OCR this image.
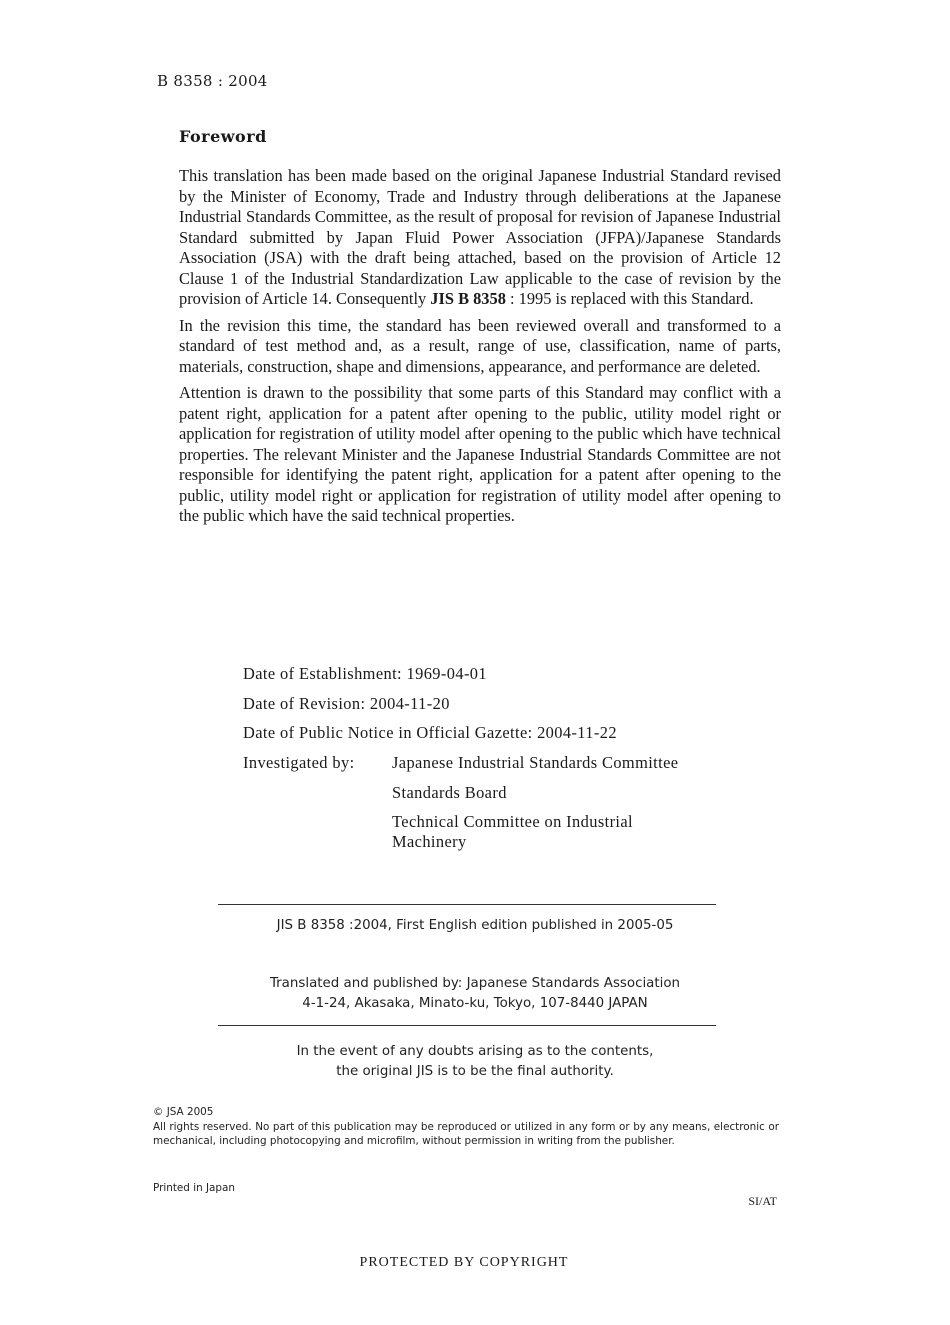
B 8358 : 2004
Foreword

This translation has been made based on the original Japanese Industrial Standard revised by the Minister of Economy, Trade and Industry through deliberations at the Japanese Industrial Standards Committee, as the result of proposal for revision of Japanese Industrial Standard submitted by Japan Fluid Power Association (JFPA)/Japanese Standards Association (JSA) with the draft being attached, based on the provision of Article 12 Clause 1 of the Industrial Standardization Law applicable to the case of revision by the provision of Article 14. Consequently JIS B 8358 : 1995 is replaced with this Standard.

In the revision this time, the standard has been reviewed overall and transformed to a standard of test method and, as a result, range of use, classification, name of parts, materials, construction, shape and dimensions, appearance, and performance are deleted.

Attention is drawn to the possibility that some parts of this Standard may conflict with a patent right, application for a patent after opening to the public, utility model right or application for registration of utility model after opening to the public which have technical properties. The relevant Minister and the Japanese Industrial Standards Committee are not responsible for identifying the patent right, application for a patent after opening to the public, utility model right or application for registration of utility model after opening to the public which have the said technical properties.

Date of Establishment: 1969-04-01
Date of Revision: 2004-11-20
Date of Public Notice in Official Gazette: 2004-11-22
Investigated by:	Japanese Industrial Standards Committee
Standards Board
Technical Committee on Industrial
Machinery
JIS B 8358 :2004, First English edition published in 2005-05
Translated and published by: Japanese Standards Association
4-1-24, Akasaka, Minato-ku, Tokyo, 107-8440 JAPAN
In the event of any doubts arising as to the contents,
the original JIS is to be the final authority.
© JSA 2005
All rights reserved. No part of this publication may be reproduced or utilized in any form or by any means, electronic or mechanical, including photocopying and microfilm, without permission in writing from the publisher.
Printed in Japan
SI/AT
PROTECTED BY COPYRIGHT
